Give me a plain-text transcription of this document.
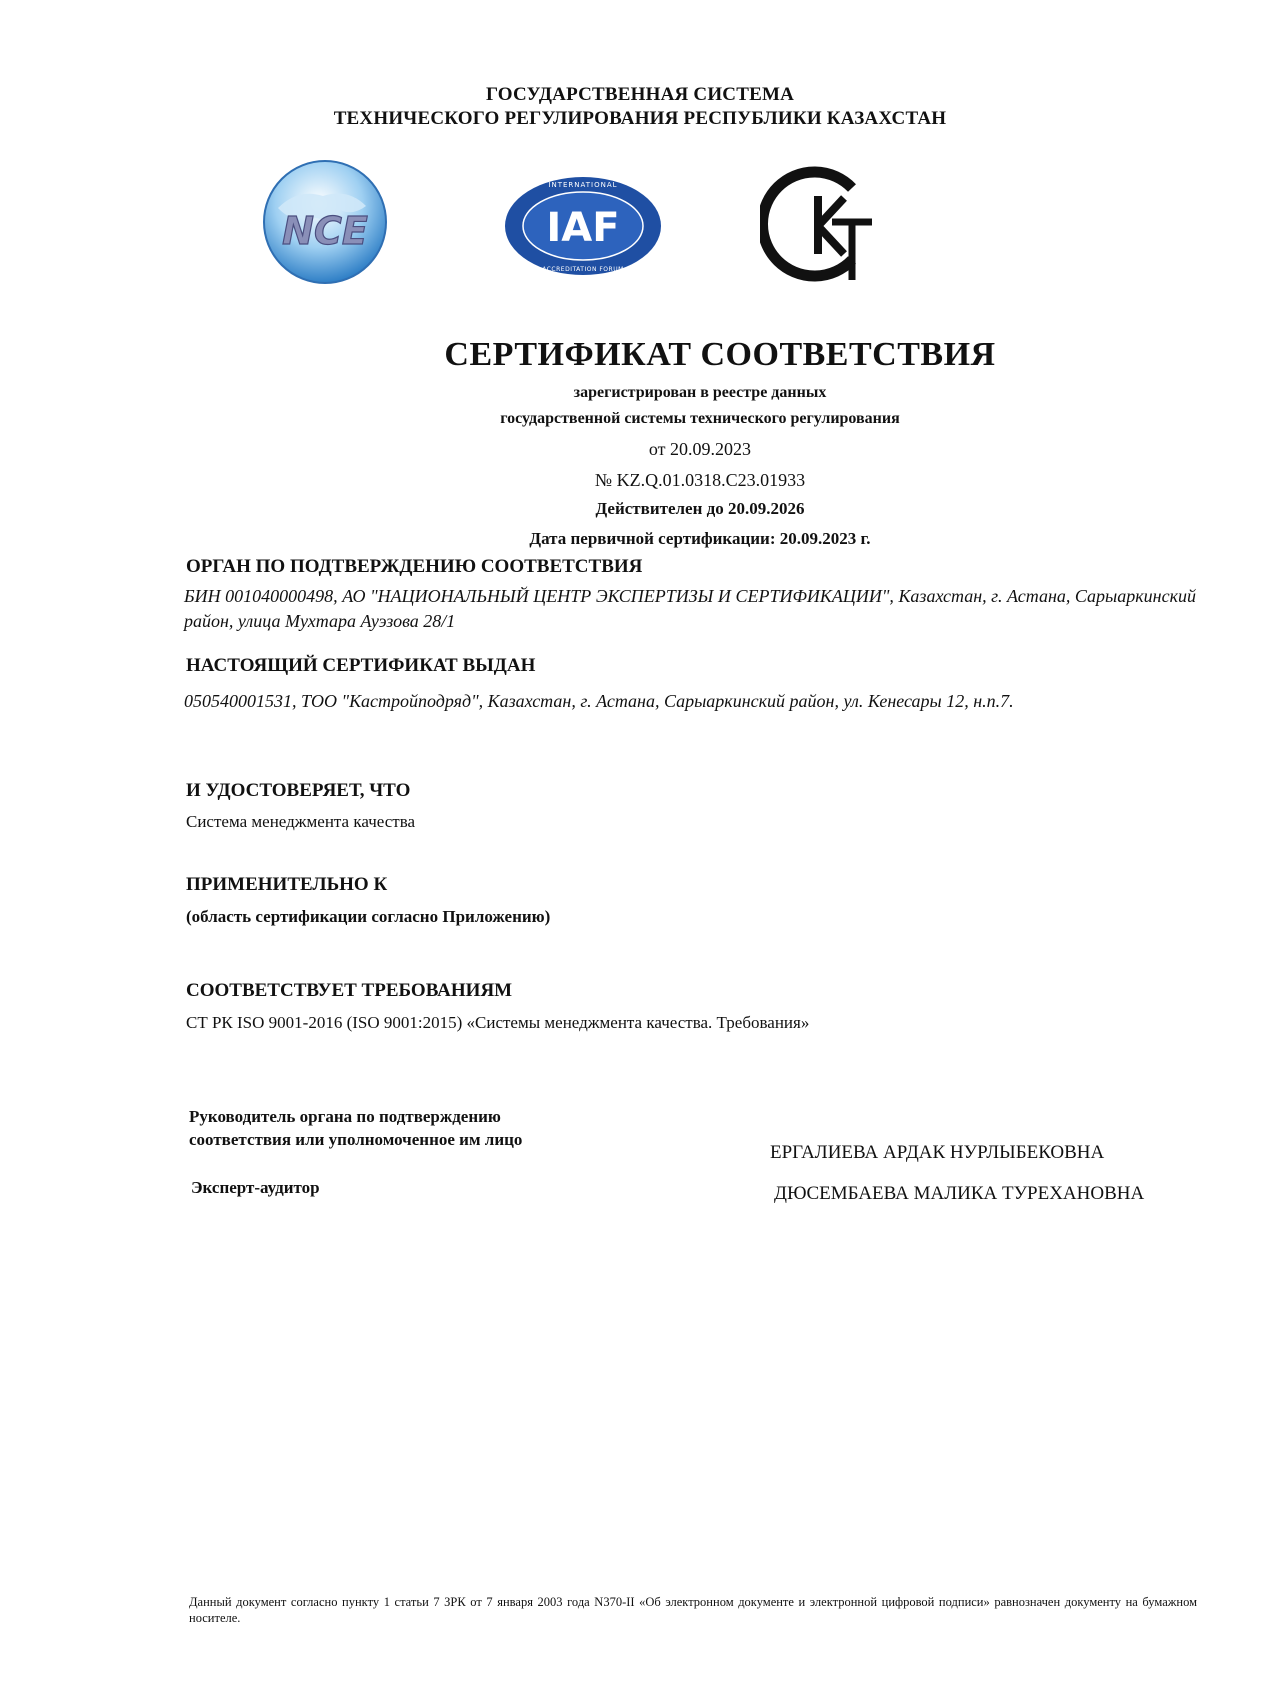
ГОСУДАРСТВЕННАЯ СИСТЕМА
ТЕХНИЧЕСКОГО РЕГУЛИРОВАНИЯ РЕСПУБЛИКИ КАЗАХСТАН
NCE	IAF
INTERNATIONAL
ACCREDITATION FORUM
СЕРТИФИКАТ СООТВЕТСТВИЯ
зарегистрирован в реестре данных
государственной системы технического регулирования
от 20.09.2023
№ KZ.Q.01.0318.С23.01933
Действителен до 20.09.2026
Дата первичной сертификации: 20.09.2023 г.
ОРГАН ПО ПОДТВЕРЖДЕНИЮ СООТВЕТСТВИЯ
БИН 001040000498, АО "НАЦИОНАЛЬНЫЙ ЦЕНТР ЭКСПЕРТИЗЫ И СЕРТИФИКАЦИИ", Казахстан, г. Астана, Сарыаркинский район, улица Мухтара Ауэзова 28/1
НАСТОЯЩИЙ СЕРТИФИКАТ ВЫДАН
050540001531, ТОО "Кастройподряд", Казахстан, г. Астана, Сарыаркинский район, ул. Кенесары 12, н.п.7.
И УДОСТОВЕРЯЕТ, ЧТО
Система менеджмента качества
ПРИМЕНИТЕЛЬНО К
(область сертификации согласно Приложению)
СООТВЕТСТВУЕТ ТРЕБОВАНИЯМ
СТ РК ISO 9001-2016 (ISO 9001:2015) «Системы менеджмента качества. Требования»
Руководитель органа по подтверждению
соответствия или уполномоченное им лицо
ЕРГАЛИЕВА АРДАК НУРЛЫБЕКОВНА
Эксперт-аудитор	ДЮСЕМБАЕВА МАЛИКА ТУРЕХАНОВНА
Данный документ согласно пункту 1 статьи 7 ЗРК от 7 января 2003 года N370-II «Об электронном документе и электронной цифровой подписи» равнозначен документу на бумажном носителе.
